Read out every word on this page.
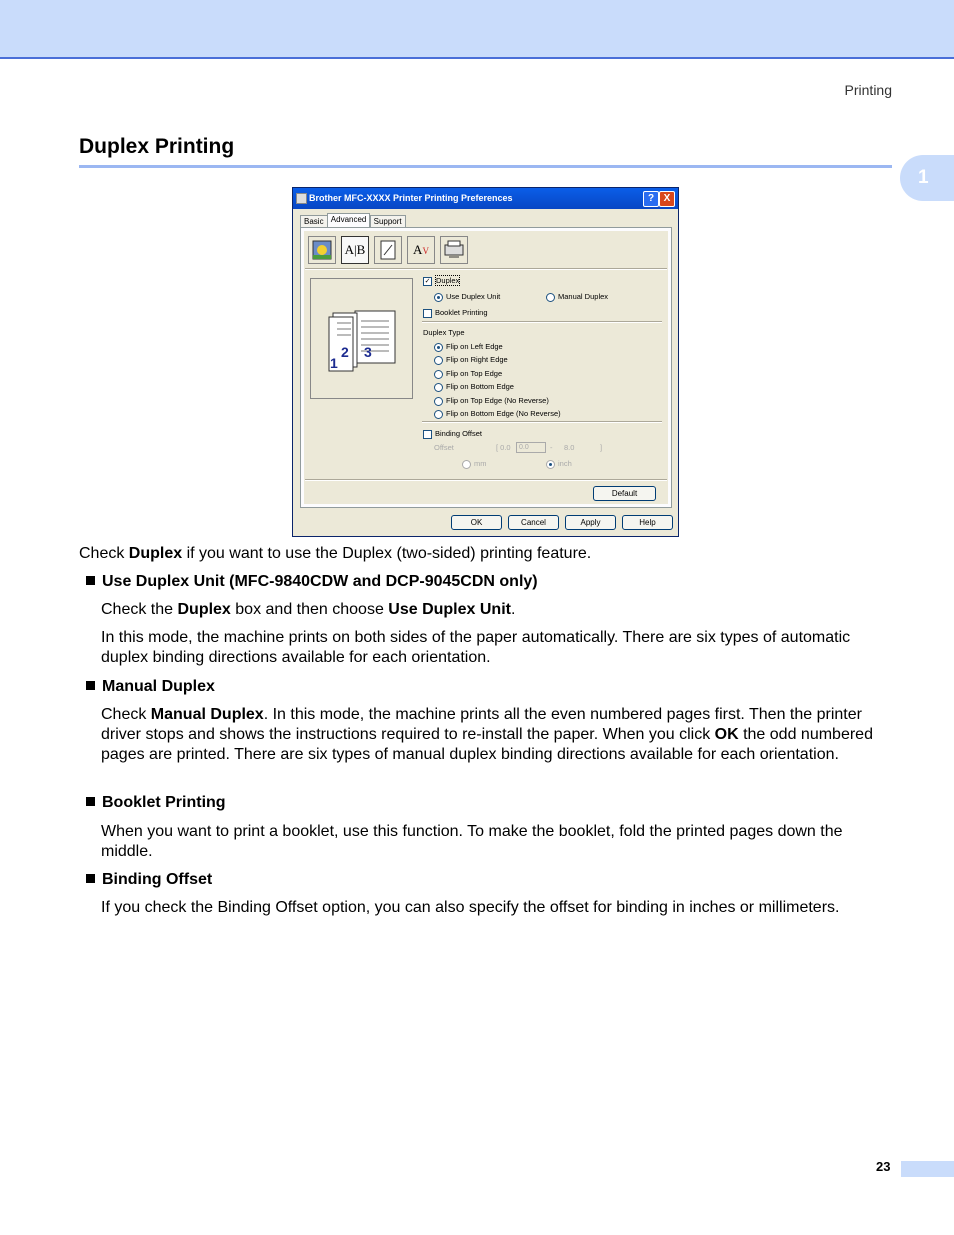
Printing
1
Duplex Printing
Brother MFC-XXXX Printer Printing Preferences	? X
Basic Advanced Support
A|B	AV
1
2 3
✓ Duplex
Use Duplex Unit	Manual Duplex
Booklet Printing
Duplex Type
Flip on Left Edge
Flip on Right Edge
Flip on Top Edge
Flip on Bottom Edge
Flip on Top Edge (No Reverse)
Flip on Bottom Edge (No Reverse)
Binding Offset
Offset	[ 0.0	0.0	- 8.0	]
mm	inch
Default
OK	Cancel	Apply	Help
Check Duplex if you want to use the Duplex (two-sided) printing feature.
Use Duplex Unit (MFC-9840CDW and DCP-9045CDN only)
Check the Duplex box and then choose Use Duplex Unit.
In this mode, the machine prints on both sides of the paper automatically. There are six types of automatic duplex binding directions available for each orientation.
Manual Duplex
Check Manual Duplex. In this mode, the machine prints all the even numbered pages first. Then the printer driver stops and shows the instructions required to re-install the paper. When you click OK the odd numbered pages are printed. There are six types of manual duplex binding directions available for each orientation.
Booklet Printing
When you want to print a booklet, use this function. To make the booklet, fold the printed pages down the middle.
Binding Offset
If you check the Binding Offset option, you can also specify the offset for binding in inches or millimeters.
23
